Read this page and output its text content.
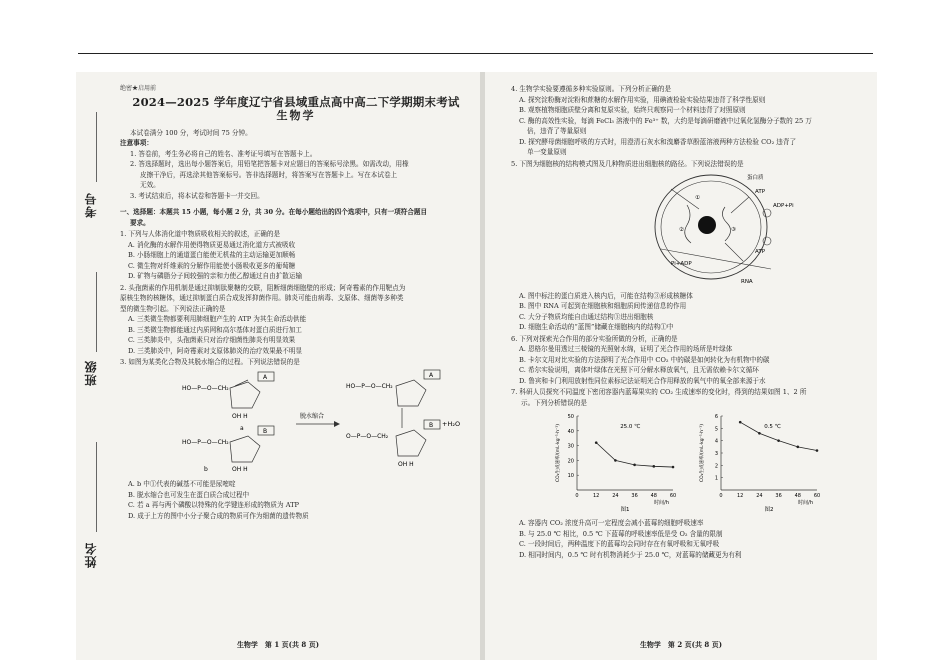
考号
班级
姓名

绝密★启用前

2024—2025 学年度辽宁省县域重点高中高二下学期期末考试
生物学

本试卷满分 100 分，考试时间 75 分钟。

注意事项：

1. 答卷前，考生务必将自己的姓名、准考证号填写在答题卡上。

2. 答选择题时，选出每小题答案后，用铅笔把答题卡对应题目的答案标号涂黑。如需改动，用橡

皮擦干净后，再选涂其他答案标号。答非选择题时，将答案写在答题卡上。写在本试卷上

无效。

3. 考试结束后，将本试卷和答题卡一并交回。

一、选择题：本题共 15 小题，每小题 2 分，共 30 分。在每小题给出的四个选项中，只有一项符合题目

要求。

1. 下列与人体消化道中物质吸收相关的叙述，正确的是

A. 消化酶的水解作用使得物质更易通过消化道方式被吸收

B. 小肠细胞上的通道蛋白能使无机盐的主动运输更加顺畅

C. 微生物对纤维素的分解作用能使小肠吸收更多的葡萄糖

D. 矿物与磷脂分子间较强的亲和力使乙醇通过自由扩散运输

2. 头孢菌素的作用机制是通过抑制肽聚糖的交联，阻断细菌细胞壁的形成；阿奇霉素的作用靶点为

原核生物的核糖体，通过抑制蛋白质合成发挥抑菌作用。肺炎可能由病毒、支原体、细菌等多种类

型的微生物引起。下列说法正确的是

A. 三类微生物都要利用肺细胞产生的 ATP 为其生命活动供能

B. 三类微生物都能通过内质网和高尔基体对蛋白质进行加工

C. 三类肺炎中，头孢菌素只对治疗细菌性肺炎有明显效果

D. 三类肺炎中，阿奇霉素对支原体肺炎的治疗效果最不明显

3. 如图为某类化合物及其脱水缩合的过程。下列说法错误的是

HO—P—O—CH₂
A
OH H
a
HO—P—O—CH₂
B
OH H
b
脱水缩合
HO—P—O—CH₂
A
O—P—O—CH₂
B
OH H
+H₂O

A. b 中①代表的碱基不可能是尿嘧啶

B. 脱水缩合也可发生在蛋白质合成过程中

C. 若 a 再与两个磷酸以特殊的化学键连形成的物质为 ATP

D. 成于上方的图中小分子聚合成的物质可作为细菌的遗传物质

生物学　第 1 页(共 8 页)

4. 生物学实验要遵循多种实验原则。下列分析正确的是

A. 探究淀粉酶对淀粉和蔗糖的水解作用实验，用碘液检验实验结果违背了科学性原则

B. 观察植物细胞质壁分离和复原实验，始终只观察同一个材料违背了对照原则

C. 酶的高效性实验，每滴 FeCl₃ 溶液中的 Fe³⁺ 数，大约是每滴研磨液中过氧化氢酶分子数的 25 万

倍，违背了等量原则

D. 探究酵母菌细胞呼吸的方式时，用澄清石灰水和溴麝香草酚蓝溶液两种方法检验 CO₂ 违背了

单一变量原则

5. 下图为细胞核的结构模式图及几种物质进出细胞核的路径。下列说法错误的是

蛋白质
ATP
ADP+Pi
ATP
Pi+ADP
RNA
①
②	③

A. 图中标注的蛋白质进入核内后，可能在结构③形成核糖体

B. 图中 RNA 可起到在细胞核和细胞质间传递信息的作用

C. 大分子物质均能自由通过结构③进出细胞核

D. 细胞生命活动的“蓝图”储藏在细胞核内的结构①中

6. 下列对探索光合作用的部分实验所做的分析，正确的是

A. 恩格尔曼用透过三棱镜的光照射水绵，证明了光合作用的场所是叶绿体

B. 卡尔文用对比实验的方法探明了光合作用中 CO₂ 中的碳是如何转化为有机物中的碳

C. 希尔实验说明，离体叶绿体在光照下可分解水释放氧气，且无需依赖卡尔文循环

D. 鲁宾和卡门利用放射性同位素标记法证明光合作用释放的氧气中的氧全部来源于水

7. 科研人员探究不同温度下密闭容器内蓝莓果实的 CO₂ 生成速率的变化时，得到的结果如图 1、2 所

示。下列分析错误的是

0	12	24	36	48	60
10
20
30
40
50
25.0 ℃
时间/h
CO₂生成速率/(mL·kg⁻¹·h⁻¹)
图1
0	12	24	36	48	60
1
2
3
4
5
6
0.5 ℃
时间/h
CO₂生成速率/(mL·kg⁻¹·h⁻¹)
图2

A. 容器内 CO₂ 浓度升高可一定程度会减小蓝莓的细胞呼吸速率

B. 与 25.0 ℃ 相比，0.5 ℃ 下蓝莓的呼吸速率低是受 O₂ 含量的限制

C. 一段时间后，两种温度下的蓝莓均会同时存在有氧呼吸和无氧呼吸

D. 相同时间内，0.5 ℃ 时有机物消耗少于 25.0 ℃，对蓝莓的储藏更为有利

生物学　第 2 页(共 8 页)
